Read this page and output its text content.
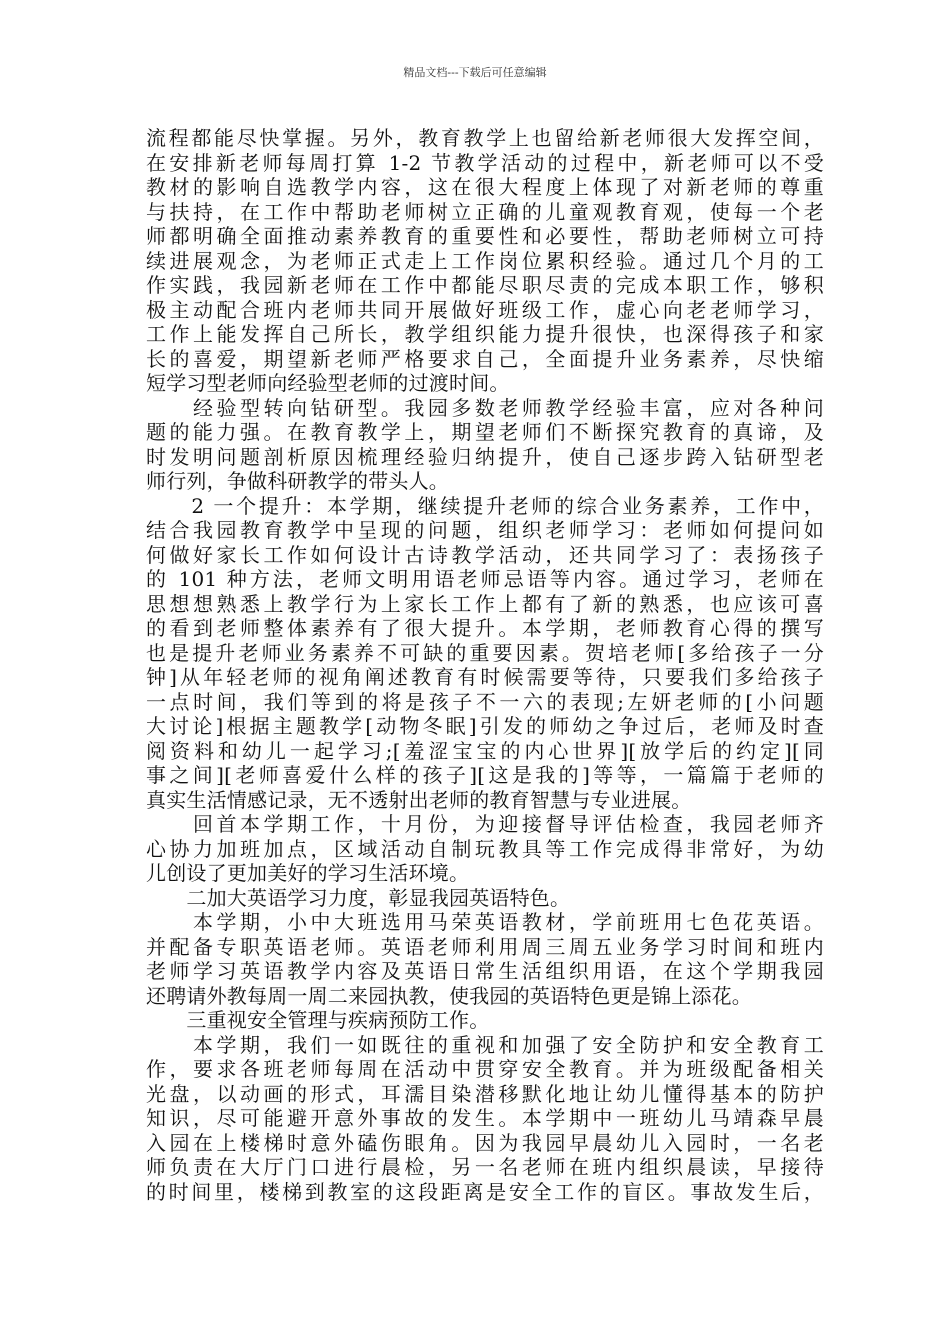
精品文档---下载后可任意编辑
流程都能尽快掌握。另外，教育教学上也留给新老师很大发挥空间，
在安排新老师每周打算 1-2 节教学活动的过程中，新老师可以不受
教材的影响自选教学内容，这在很大程度上体现了对新老师的尊重
与扶持，在工作中帮助老师树立正确的儿童观教育观，使每一个老
师都明确全面推动素养教育的重要性和必要性，帮助老师树立可持
续进展观念，为老师正式走上工作岗位累积经验。通过几个月的工
作实践，我园新老师在工作中都能尽职尽责的完成本职工作，够积
极主动配合班内老师共同开展做好班级工作，虚心向老老师学习，
工作上能发挥自己所长，教学组织能力提升很快，也深得孩子和家
长的喜爱，期望新老师严格要求自己，全面提升业务素养，尽快缩
短学习型老师向经验型老师的过渡时间。
　　经验型转向钻研型。我园多数老师教学经验丰富，应对各种问
题的能力强。在教育教学上，期望老师们不断探究教育的真谛，及
时发明问题剖析原因梳理经验归纳提升，使自己逐步跨入钻研型老
师行列，争做科研教学的带头人。
　　2 一个提升：本学期，继续提升老师的综合业务素养，工作中，
结合我园教育教学中呈现的问题，组织老师学习：老师如何提问如
何做好家长工作如何设计古诗教学活动，还共同学习了：表扬孩子
的 101 种方法，老师文明用语老师忌语等内容。通过学习，老师在
思想想熟悉上教学行为上家长工作上都有了新的熟悉，也应该可喜
的看到老师整体素养有了很大提升。本学期，老师教育心得的撰写
也是提升老师业务素养不可缺的重要因素。贺培老师[多给孩子一分
钟]从年轻老师的视角阐述教育有时候需要等待，只要我们多给孩子
一点时间，我们等到的将是孩子不一六的表现;左妍老师的[小问题
大讨论]根据主题教学[动物冬眠]引发的师幼之争过后，老师及时查
阅资料和幼儿一起学习;[羞涩宝宝的内心世界][放学后的约定][同
事之间][老师喜爱什么样的孩子][这是我的]等等，一篇篇于老师的
真实生活情感记录，无不透射出老师的教育智慧与专业进展。
　　回首本学期工作，十月份，为迎接督导评估检查，我园老师齐
心协力加班加点，区域活动自制玩教具等工作完成得非常好，为幼
儿创设了更加美好的学习生活环境。
　　二加大英语学习力度，彰显我园英语特色。
　　本学期，小中大班选用马荣英语教材，学前班用七色花英语。
并配备专职英语老师。英语老师利用周三周五业务学习时间和班内
老师学习英语教学内容及英语日常生活组织用语，在这个学期我园
还聘请外教每周一周二来园执教，使我园的英语特色更是锦上添花。
　　三重视安全管理与疾病预防工作。
　　本学期，我们一如既往的重视和加强了安全防护和安全教育工
作，要求各班老师每周在活动中贯穿安全教育。并为班级配备相关
光盘，以动画的形式，耳濡目染潜移默化地让幼儿懂得基本的防护
知识，尽可能避开意外事故的发生。本学期中一班幼儿马靖森早晨
入园在上楼梯时意外磕伤眼角。因为我园早晨幼儿入园时，一名老
师负责在大厅门口进行晨检，另一名老师在班内组织晨读，早接待
的时间里，楼梯到教室的这段距离是安全工作的盲区。事故发生后，
